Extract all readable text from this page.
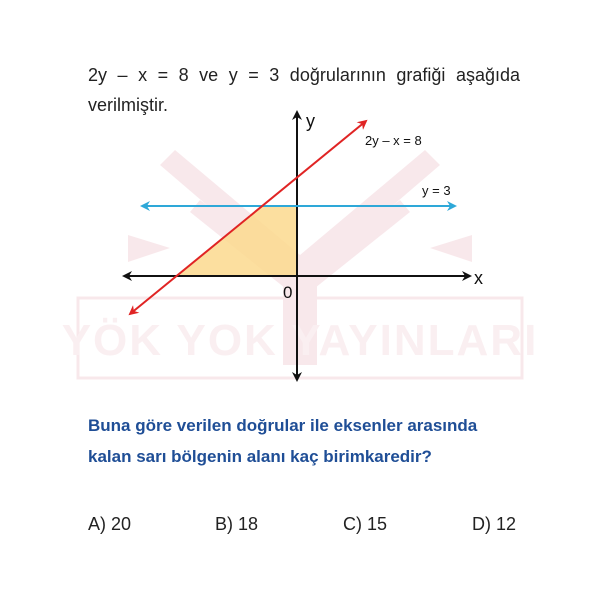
2y – x = 8 ve y = 3 doğrularının grafiği aşağıda
verilmiştir.
YÖK YOK YAYINLARI
y
x
0
2y – x = 8
y = 3
Buna göre verilen doğrular ile eksenler arasında
kalan sarı bölgenin alanı kaç birimkaredir?
A) 20	B) 18	C) 15	D) 12
